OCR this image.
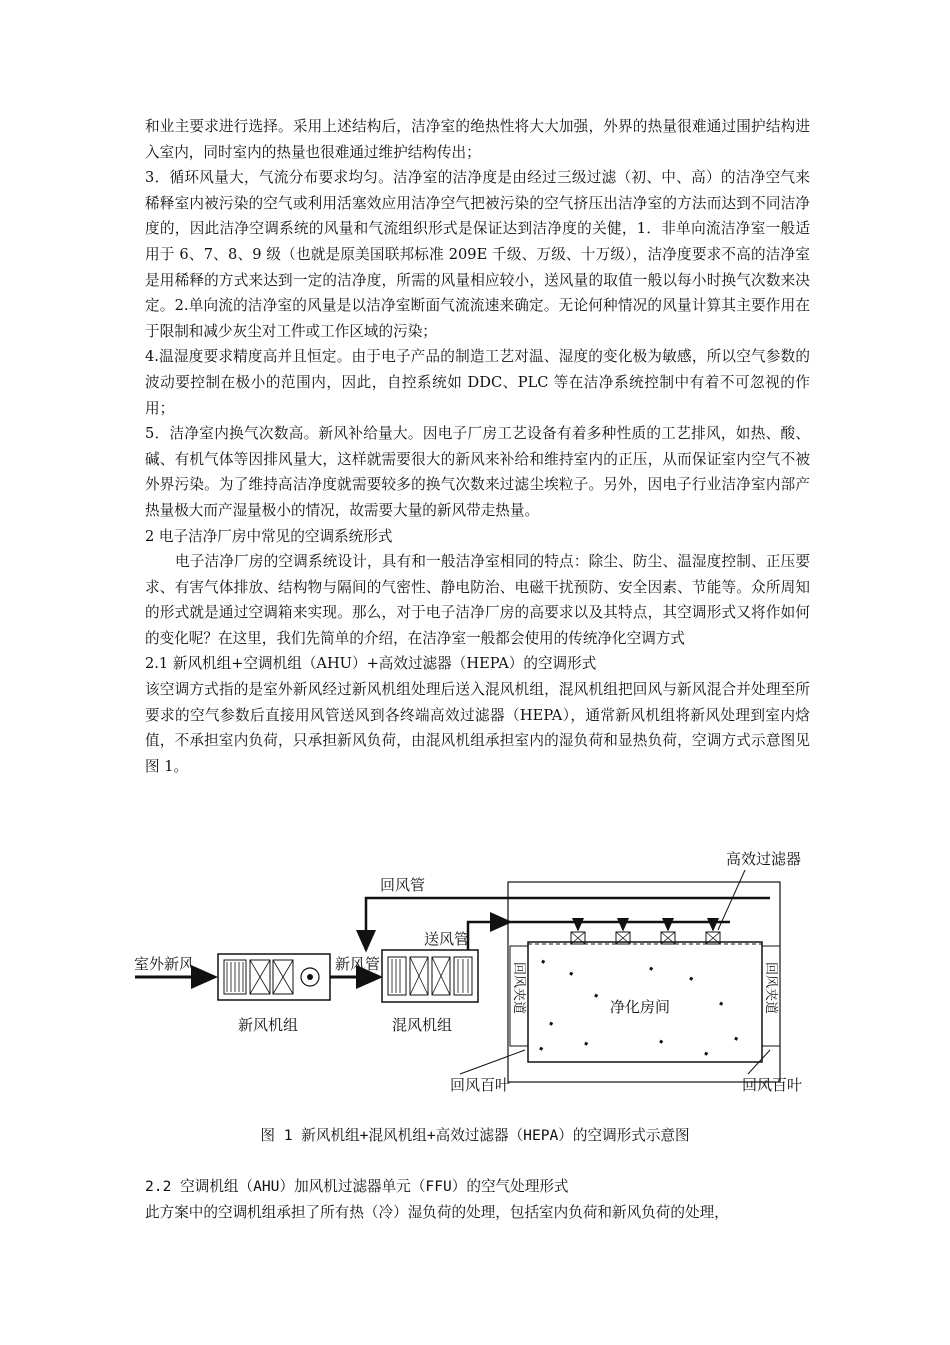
和业主要求进行选择。采用上述结构后，洁净室的绝热性将大大加强，外界的热量很难通过围护结构进入室内，同时室内的热量也很难通过维护结构传出；

3．循环风量大，气流分布要求均匀。洁净室的洁净度是由经过三级过滤（初、中、高）的洁净空气来稀释室内被污染的空气或利用活塞效应用洁净空气把被污染的空气挤压出洁净室的方法而达到不同洁净度的，因此洁净空调系统的风量和气流组织形式是保证达到洁净度的关健，1．非单向流洁净室一般适用于 6、7、8、9 级（也就是原美国联邦标准 209E 千级、万级、十万级），洁净度要求不高的洁净室是用稀释的方式来达到一定的洁净度，所需的风量相应较小，送风量的取值一般以每小时换气次数来决定。2.单向流的洁净室的风量是以洁净室断面气流流速来确定。无论何种情况的风量计算其主要作用在于限制和减少灰尘对工件或工作区域的污染；

4.温湿度要求精度高并且恒定。由于电子产品的制造工艺对温、湿度的变化极为敏感，所以空气参数的波动要控制在极小的范围内，因此，自控系统如 DDC、PLC 等在洁净系统控制中有着不可忽视的作用；

5．洁净室内换气次数高。新风补给量大。因电子厂房工艺设备有着多种性质的工艺排风，如热、酸、碱、有机气体等因排风量大，这样就需要很大的新风来补给和维持室内的正压，从而保证室内空气不被外界污染。为了维持高洁净度就需要较多的换气次数来过滤尘埃粒子。另外，因电子行业洁净室内部产热量极大而产湿量极小的情况，故需要大量的新风带走热量。

2 电子洁净厂房中常见的空调系统形式

电子洁净厂房的空调系统设计，具有和一般洁净室相同的特点：除尘、防尘、温湿度控制、正压要求、有害气体排放、结构物与隔间的气密性、静电防治、电磁干扰预防、安全因素、节能等。众所周知的形式就是通过空调箱来实现。那么，对于电子洁净厂房的高要求以及其特点，其空调形式又将作如何的变化呢？在这里，我们先简单的介绍，在洁净室一般都会使用的传统净化空调方式

2.1 新风机组+空调机组（AHU）+高效过滤器（HEPA）的空调形式

该空调方式指的是室外新风经过新风机组处理后送入混风机组，混风机组把回风与新风混合并处理至所要求的空气参数后直接用风管送风到各终端高效过滤器（HEPA），通常新风机组将新风处理到室内焓值，不承担室内负荷，只承担新风负荷，由混风机组承担室内的湿负荷和显热负荷，空调方式示意图见图 1。

室外新风
新风机组
新风管
混风机组
回风管
送风管
高效过滤器
净化房间
回风夹道	回风夹道
回风百叶	回风百叶
图 1 新风机组+混风机组+高效过滤器（HEPA）的空调形式示意图

2.2 空调机组（AHU）加风机过滤器单元（FFU）的空气处理形式

此方案中的空调机组承担了所有热（冷）湿负荷的处理，包括室内负荷和新风负荷的处理，
